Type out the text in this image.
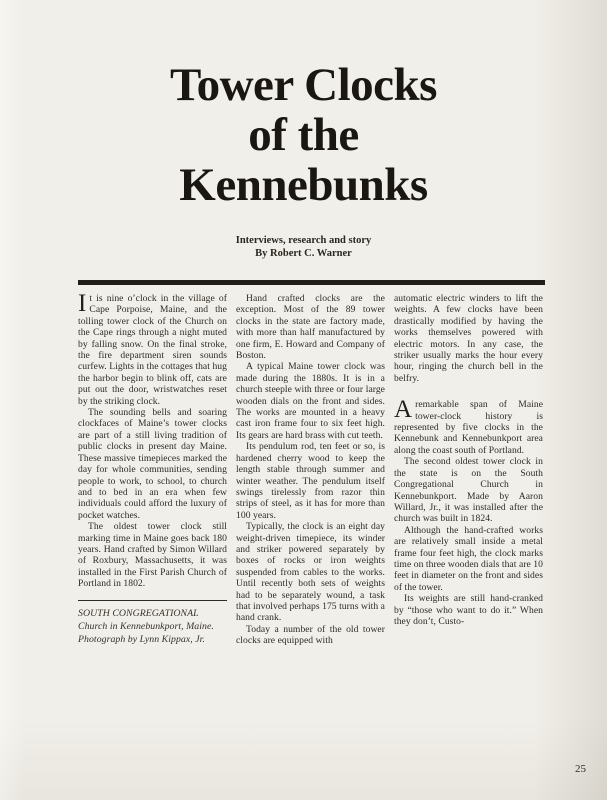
Tower Clocks
of the
Kennebunks
Interviews, research and story
By Robert C. Warner

It is nine o’clock in the village of Cape Porpoise, Maine, and the tolling tower clock of the Church on the Cape rings through a night muted by falling snow. On the final stroke, the fire department siren sounds curfew. Lights in the cottages that hug the harbor begin to blink off, cats are put out the door, wristwatches reset by the striking clock.

The sounding bells and soaring clockfaces of Maine’s tower clocks are part of a still living tradition of public clocks in present day Maine. These massive timepieces marked the day for whole communities, sending people to work, to school, to church and to bed in an era when few individuals could afford the luxury of pocket watches.

The oldest tower clock still marking time in Maine goes back 180 years. Hand crafted by Simon Willard of Roxbury, Massachusetts, it was installed in the First Parish Church of Portland in 1802.

SOUTH CONGREGATIONAL
Church in Kennebunkport, Maine.
Photograph by Lynn Kippax, Jr.

Hand crafted clocks are the exception. Most of the 89 tower clocks in the state are factory made, with more than half manufactured by one firm, E. Howard and Company of Boston.

A typical Maine tower clock was made during the 1880s. It is in a church steeple with three or four large wooden dials on the front and sides. The works are mounted in a heavy cast iron frame four to six feet high. Its gears are hard brass with cut teeth.

Its pendulum rod, ten feet or so, is hardened cherry wood to keep the length stable through summer and winter weather. The pendulum itself swings tirelessly from razor thin strips of steel, as it has for more than 100 years.

Typically, the clock is an eight day weight-driven timepiece, its winder and striker powered separately by boxes of rocks or iron weights suspended from cables to the works. Until recently both sets of weights had to be separately wound, a task that involved perhaps 175 turns with a hand crank.

Today a number of the old tower clocks are equipped with

automatic electric winders to lift the weights. A few clocks have been drastically modified by having the works themselves powered with electric motors. In any case, the striker usually marks the hour every hour, ringing the church bell in the belfry.

Aremarkable span of Maine tower-clock history is represented by five clocks in the Kennebunk and Kennebunkport area along the coast south of Portland.

The second oldest tower clock in the state is on the South Congregational Church in Kennebunkport. Made by Aaron Willard, Jr., it was installed after the church was built in 1824.

Although the hand-crafted works are relatively small inside a metal frame four feet high, the clock marks time on three wooden dials that are 10 feet in diameter on the front and sides of the tower.

Its weights are still hand-cranked by “those who want to do it.” When they don’t, Custo-

25
